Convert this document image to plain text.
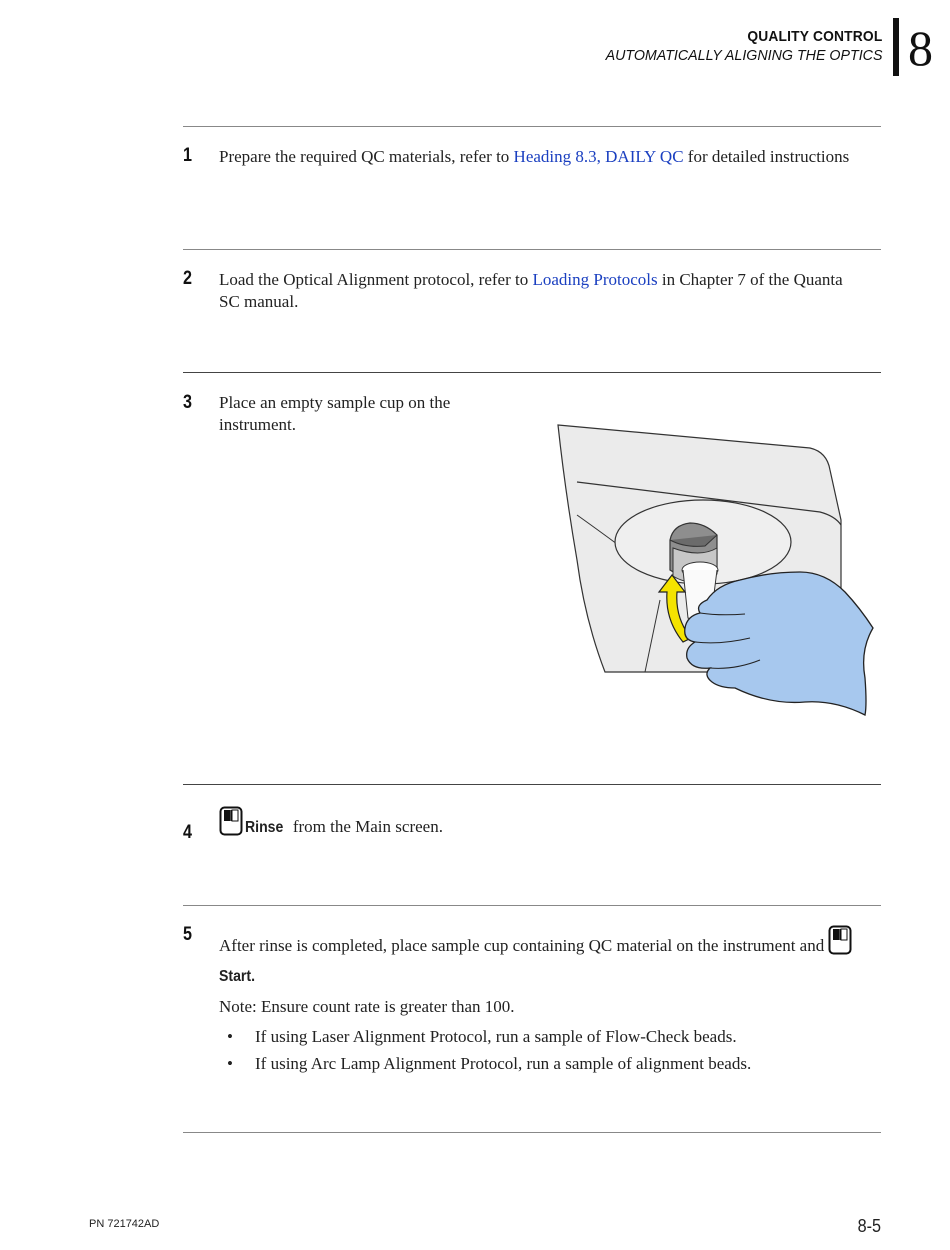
QUALITY CONTROL
AUTOMATICALLY ALIGNING THE OPTICS 8
1 Prepare the required QC materials, refer to Heading 8.3, DAILY QC for detailed instructions
2 Load the Optical Alignment protocol, refer to Loading Protocols in Chapter 7 of the Quanta SC manual.
3 Place an empty sample cup on the instrument.
4	Rinse from the Main screen.
5
After rinse is completed, place sample cup containing QC material on the instrument and Start.
Note: Ensure count rate is greater than 100.
• If using Laser Alignment Protocol, run a sample of Flow-Check beads.
• If using Arc Lamp Alignment Protocol, run a sample of alignment beads.
PN 721742AD	8-5
